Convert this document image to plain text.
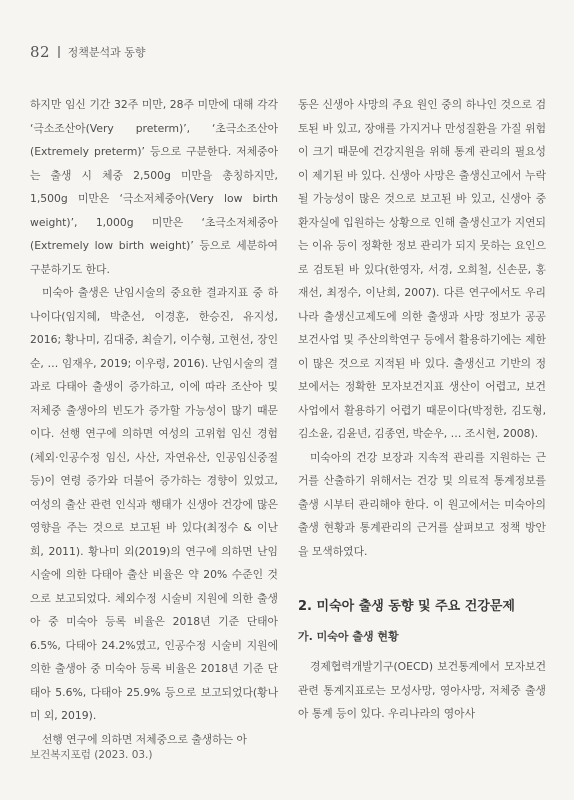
82 정책분석과 동향

하지만 임신 기간 32주 미만, 28주 미만에 대해 각각 ‘극소조산아(Very preterm)’, ‘초극소조산아(Extremely preterm)’ 등으로 구분한다. 저체중아는 출생 시 체중 2,500g 미만을 총칭하지만, 1,500g 미만은 ‘극소저체중아(Very low birth weight)’, 1,000g 미만은 ‘초극소저체중아(Extremely low birth weight)’ 등으로 세분하여 구분하기도 한다.

미숙아 출생은 난임시술의 중요한 결과지표 중 하나이다(임지혜, 박춘선, 이경훈, 한승진, 유지성, 2016; 황나미, 김대중, 최슬기, 이수형, 고현선, 장인순, … 임재우, 2019; 이우령, 2016). 난임시술의 결과로 다태아 출생이 증가하고, 이에 따라 조산아 및 저체중 출생아의 빈도가 증가할 가능성이 많기 때문이다. 선행 연구에 의하면 여성의 고위험 임신 경험(체외·인공수정 임신, 사산, 자연유산, 인공임신중절 등)이 연령 증가와 더불어 증가하는 경향이 있었고, 여성의 출산 관련 인식과 행태가 신생아 건강에 많은 영향을 주는 것으로 보고된 바 있다(최정수 & 이난희, 2011). 황나미 외(2019)의 연구에 의하면 난임시술에 의한 다태아 출산 비율은 약 20% 수준인 것으로 보고되었다. 체외수정 시술비 지원에 의한 출생아 중 미숙아 등록 비율은 2018년 기준 단태아 6.5%, 다태아 24.2%였고, 인공수정 시술비 지원에 의한 출생아 중 미숙아 등록 비율은 2018년 기준 단태아 5.6%, 다태아 25.9% 등으로 보고되었다(황나미 외, 2019).

선행 연구에 의하면 저체중으로 출생하는 아

동은 신생아 사망의 주요 원인 중의 하나인 것으로 검토된 바 있고, 장애를 가지거나 만성질환을 가질 위험이 크기 때문에 건강지원을 위해 통계 관리의 필요성이 제기된 바 있다. 신생아 사망은 출생신고에서 누락될 가능성이 많은 것으로 보고된 바 있고, 신생아 중환자실에 입원하는 상황으로 인해 출생신고가 지연되는 이유 등이 정확한 정보 관리가 되지 못하는 요인으로 검토된 바 있다(한영자, 서경, 오희철, 신손문, 홍재선, 최정수, 이난희, 2007). 다른 연구에서도 우리나라 출생신고제도에 의한 출생과 사망 정보가 공공보건사업 및 주산의학연구 등에서 활용하기에는 제한이 많은 것으로 지적된 바 있다. 출생신고 기반의 정보에서는 정확한 모자보건지표 생산이 어렵고, 보건사업에서 활용하기 어렵기 때문이다(박정한, 김도형, 김소윤, 김윤년, 김종연, 박순우, … 조시현, 2008).

미숙아의 건강 보장과 지속적 관리를 지원하는 근거를 산출하기 위해서는 건강 및 의료적 통계정보를 출생 시부터 관리해야 한다. 이 원고에서는 미숙아의 출생 현황과 통계관리의 근거를 살펴보고 정책 방안을 모색하였다.

2. 미숙아 출생 동향 및 주요 건강문제
가. 미숙아 출생 현황

경제협력개발기구(OECD) 보건통계에서 모자보건 관련 통계지표로는 모성사망, 영아사망, 저체중 출생아 통계 등이 있다. 우리나라의 영아사

보건복지포럼 (2023. 03.)
